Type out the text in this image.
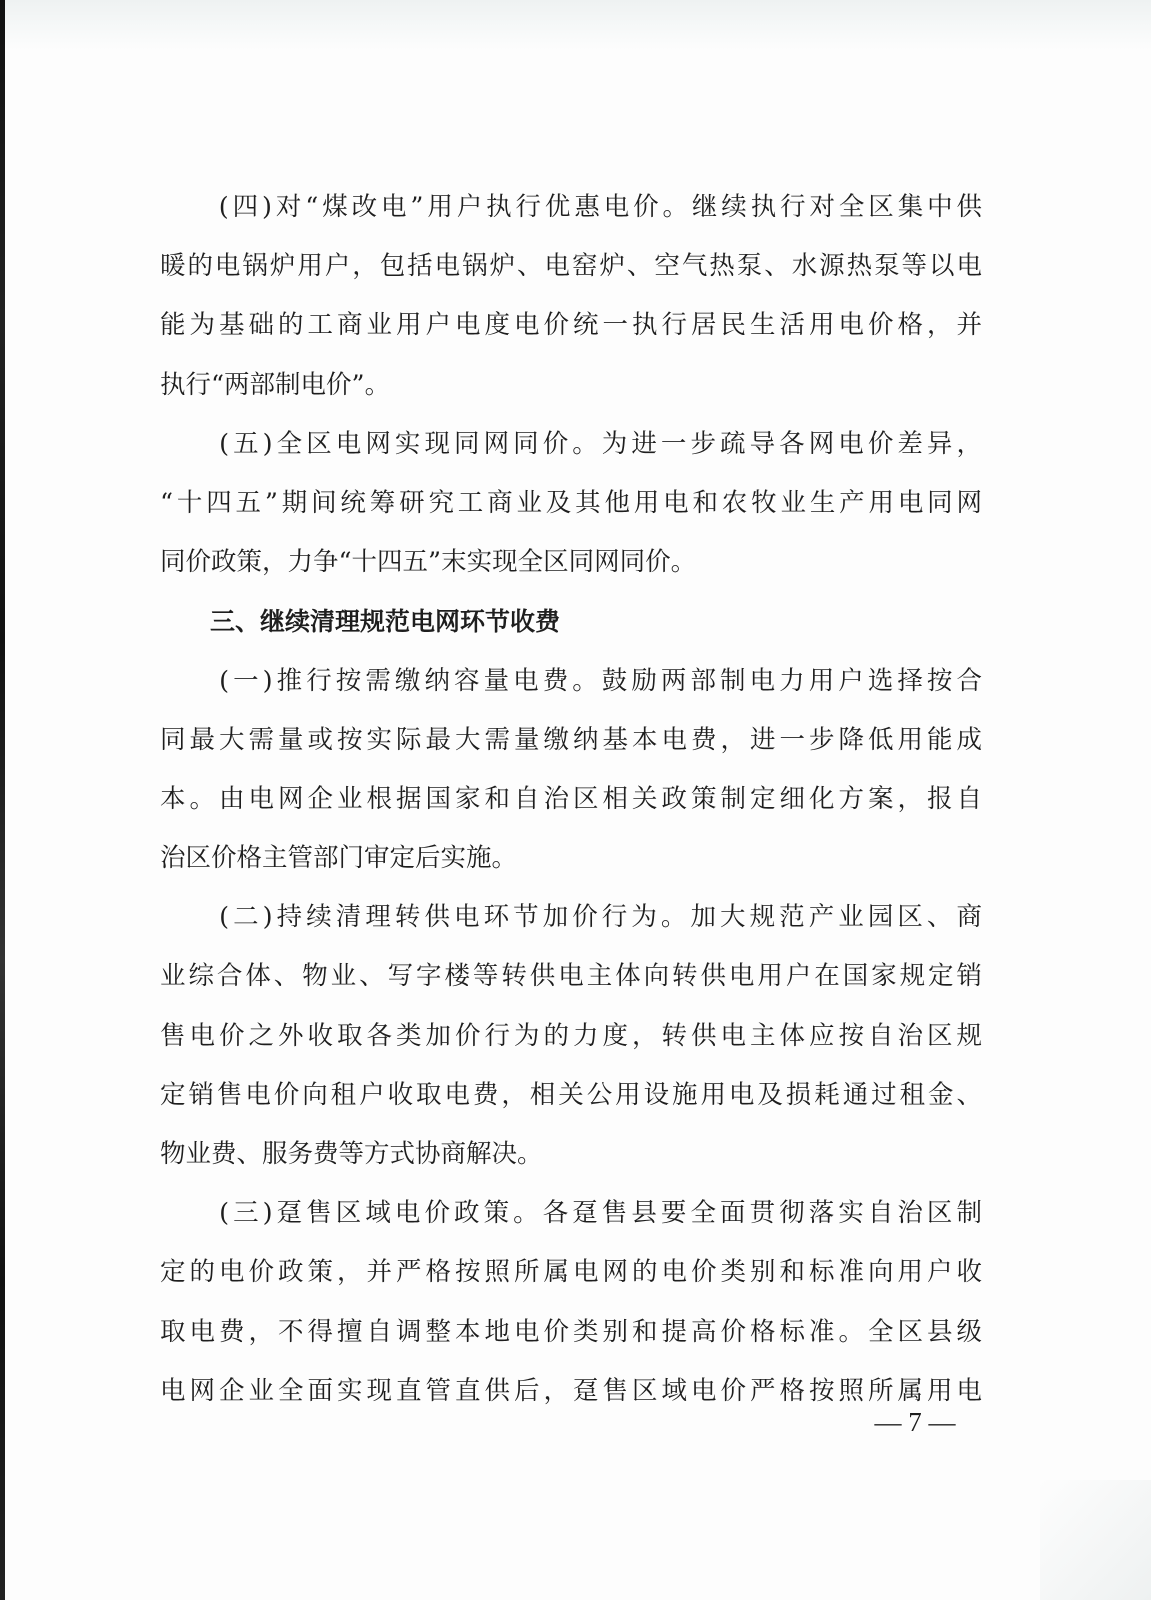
　　(四)对“煤改电”用户执行优惠电价。继续执行对全区集中供
暖的电锅炉用户，包括电锅炉、电窑炉、空气热泵、水源热泵等以电
能为基础的工商业用户电度电价统一执行居民生活用电价格，并
执行“两部制电价”。
　　(五)全区电网实现同网同价。为进一步疏导各网电价差异，
“十四五”期间统筹研究工商业及其他用电和农牧业生产用电同网
同价政策，力争“十四五”末实现全区同网同价。
　　三、继续清理规范电网环节收费
　　(一)推行按需缴纳容量电费。鼓励两部制电力用户选择按合
同最大需量或按实际最大需量缴纳基本电费，进一步降低用能成
本。由电网企业根据国家和自治区相关政策制定细化方案，报自
治区价格主管部门审定后实施。
　　(二)持续清理转供电环节加价行为。加大规范产业园区、商
业综合体、物业、写字楼等转供电主体向转供电用户在国家规定销
售电价之外收取各类加价行为的力度，转供电主体应按自治区规
定销售电价向租户收取电费，相关公用设施用电及损耗通过租金、
物业费、服务费等方式协商解决。
　　(三)趸售区域电价政策。各趸售县要全面贯彻落实自治区制
定的电价政策，并严格按照所属电网的电价类别和标准向用户收
取电费，不得擅自调整本地电价类别和提高价格标准。全区县级
电网企业全面实现直管直供后，趸售区域电价严格按照所属用电
— 7 —
